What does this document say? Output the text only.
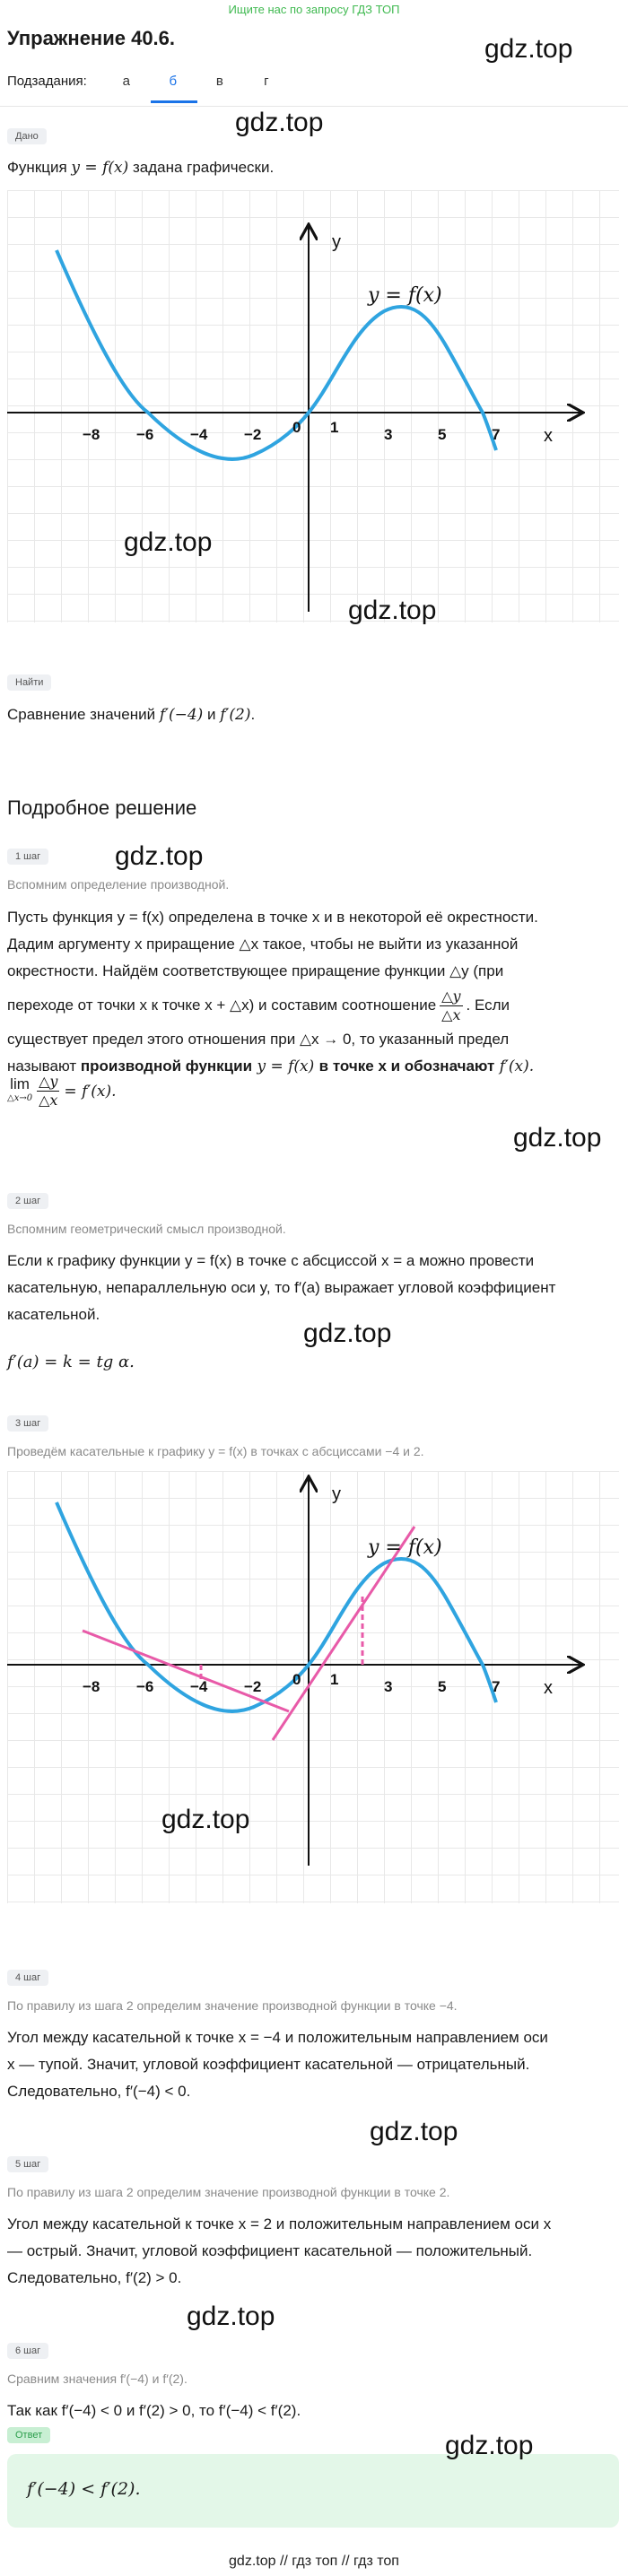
Ищите нас по запросу ГДЗ ТОП
Упражнение 40.6.	gdz.top
Подзадания:	а	б	в	г
gdz.top
Дано
Функция y = f(x) задана графически.
y
x
y = f(x)
−8 −6 −4 −2 0 1	3	5	7
gdz.top
gdz.top
Найти
Сравнение значений f′(−4) и f′(2).
Подробное решение
1 шаг	gdz.top
Вспомним определение производной.
Пусть функция y = f(x) определена в точке x и в некоторой её окрестности.
Дадим аргументу x приращение △x такое, чтобы не выйти из указанной
окрестности. Найдём соответствующее приращение функции △y (при
переходе от точки x к точке x + △x) и составим соотношение
△y
△x
. Если
существует предел этого отношения при △x → 0, то указанный предел
называют производной функции y = f(x) в точке x и обозначают f′(x).
lim
△x→0 $\frac{\triangle y}{\triangle x} = f'(x)$.
gdz.top
2 шаг
Вспомним геометрический смысл производной.
Если к графику функции y = f(x) в точке с абсциссой x = a можно провести
касательную, непараллельную оси y, то f′(a) выражает угловой коэффициент
касательной.
gdz.top
f′(a) = k = tg α.
3 шаг
Проведём касательные к графику y = f(x) в точках с абсциссами −4 и 2.
y
x
y = f(x)
−8 −6 −4 −2 0 1	3	5	7
gdz.top
4 шаг
По правилу из шага 2 определим значение производной функции в точке −4.
Угол между касательной к точке x = −4 и положительным направлением оси
x — тупой. Значит, угловой коэффициент касательной — отрицательный.
Следовательно, f′(−4) < 0.
gdz.top
5 шаг
По правилу из шага 2 определим значение производной функции в точке 2.
Угол между касательной к точке x = 2 и положительным направлением оси x
— острый. Значит, угловой коэффициент касательной — положительный.
Следовательно, f′(2) > 0.
gdz.top
6 шаг
Сравним значения f′(−4) и f′(2).
Так как f′(−4) < 0 и f′(2) > 0, то f′(−4) < f′(2).
Ответ
f′(−4) < f′(2).
gdz.top
gdz.top // гдз топ // гдз топ
